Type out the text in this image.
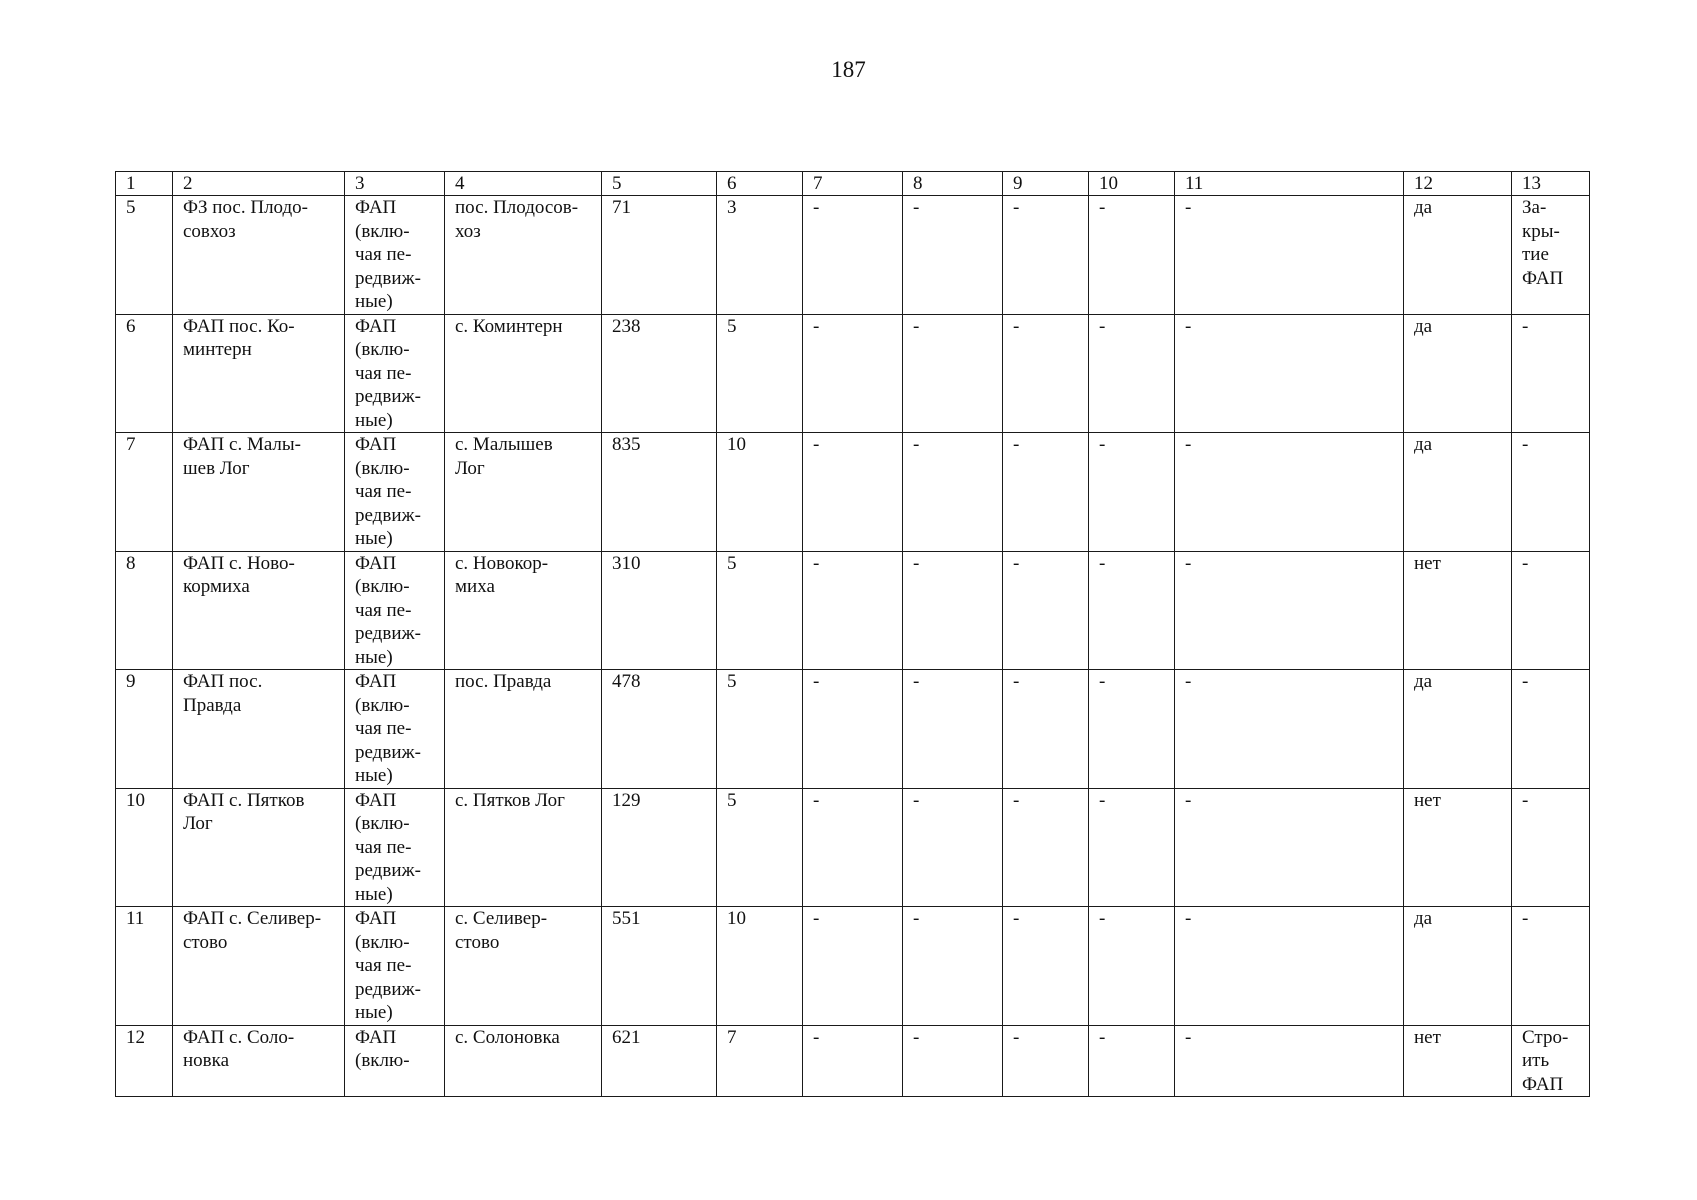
187
1	2	3	4	5	6	7	8	9	10	11	12	13

5	ФЗ пос. Плодо-
совхоз	ФАП
(вклю-
чая пе-
редвиж-
ные)	пос. Плодосов-
хоз	71	3	-	-	-	-	-	да	За-
кры-
тие
ФАП

6	ФАП пос. Ко-
минтерн	ФАП
(вклю-
чая пе-
редвиж-
ные)	с. Коминтерн	238	5	-	-	-	-	-	да	-

7	ФАП с. Малы-
шев Лог	ФАП
(вклю-
чая пе-
редвиж-
ные)	с. Малышев
Лог	835	10	-	-	-	-	-	да	-

8	ФАП с. Ново-
кормиха	ФАП
(вклю-
чая пе-
редвиж-
ные)	с. Новокор-
миха	310	5	-	-	-	-	-	нет	-

9	ФАП пос.
Правда	ФАП
(вклю-
чая пе-
редвиж-
ные)	пос. Правда	478	5	-	-	-	-	-	да	-

10	ФАП с. Пятков
Лог	ФАП
(вклю-
чая пе-
редвиж-
ные)	с. Пятков Лог	129	5	-	-	-	-	-	нет	-

11	ФАП с. Селивер-
стово	ФАП
(вклю-
чая пе-
редвиж-
ные)	с. Селивер-
стово	551	10	-	-	-	-	-	да	-

12	ФАП с. Соло-
новка	ФАП
(вклю-	с. Солоновка	621	7	-	-	-	-	-	нет	Стро-
ить
ФАП
